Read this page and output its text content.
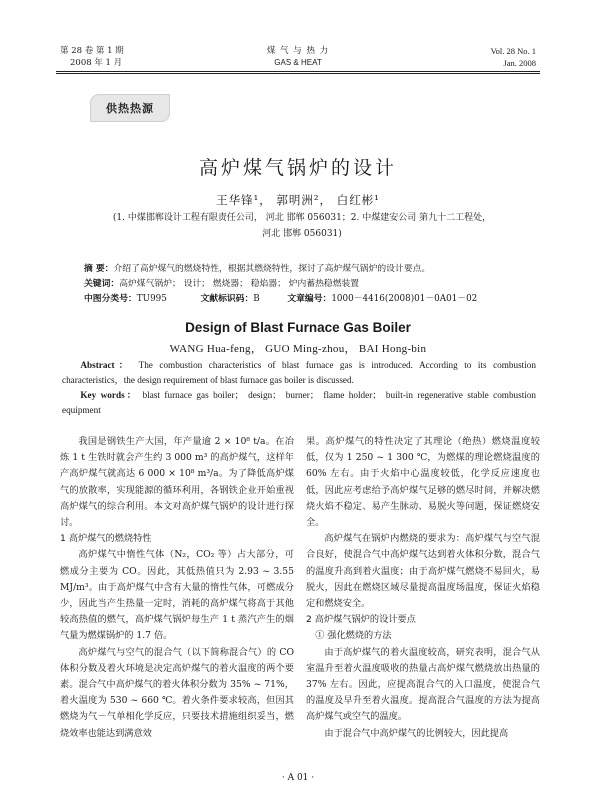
第 28 卷 第 1 期
2008 年 1 月
煤 气 与 热 力
GAS & HEAT
Vol. 28 No. 1
Jan. 2008
供热热源
高炉煤气锅炉的设计
王华锋¹， 郭明洲²， 白红彬¹
(1. 中煤邯郸设计工程有限责任公司， 河北 邯郸 056031；2. 中煤建安公司 第九十二工程处，
河北 邯郸 056031)
摘 要：介绍了高炉煤气的燃烧特性，根据其燃烧特性，探讨了高炉煤气锅炉的设计要点。
关键词：高炉煤气锅炉； 设计； 燃烧器； 稳焰器； 炉内蓄热稳燃装置
中图分类号：TU995	文献标识码：B	文章编号：1000－4416(2008)01－0A01－02
Design of Blast Furnace Gas Boiler
WANG Hua-feng， GUO Ming-zhou， BAI Hong-bin
Abstract： The combustion characteristics of blast furnace gas is introduced. According to its combustion characteristics，the design requirement of blast furnace gas boiler is discussed.
Key words： blast furnace gas boiler； design； burner； flame holder； built-in regenerative stable combustion equipment

我国是钢铁生产大国，年产量逾 2 × 10⁸ t/a。在冶炼 1 t 生铁时就会产生约 3 000 m³ 的高炉煤气，这样年产高炉煤气就高达 6 000 × 10⁸ m³/a。为了降低高炉煤气的放散率，实现能源的循环利用，各钢铁企业开始重视高炉煤气的综合利用。本文对高炉煤气锅炉的设计进行探讨。

1 高炉煤气的燃烧特性

高炉煤气中惰性气体（N₂，CO₂ 等）占大部分，可燃成分主要为 CO。因此，其低热值只为 2.93 ~ 3.55 MJ/m³。由于高炉煤气中含有大量的惰性气体，可燃成分少，因此当产生热量一定时，消耗的高炉煤气将高于其他较高热值的燃气，高炉煤气锅炉每生产 1 t 蒸汽产生的烟气量为燃煤锅炉的 1.7 倍。

高炉煤气与空气的混合气（以下简称混合气）的 CO 体积分数及着火环境是决定高炉煤气的着火温度的两个要素。混合气中高炉煤气的着火体积分数为 35% ~ 71%，着火温度为 530 ~ 660 ℃。着火条件要求较高，但因其燃烧为气－气单相化学反应，只要技术措施组织妥当，燃烧效率也能达到满意效

果。高炉煤气的特性决定了其理论（绝热）燃烧温度较低，仅为 1 250 ~ 1 300 ℃，为燃煤的理论燃烧温度的 60% 左右。由于火焰中心温度较低，化学反应速度也低，因此应考虑给予高炉煤气足够的燃尽时间，并解决燃烧火焰不稳定、易产生脉动、易脱火等问题，保证燃烧安全。

高炉煤气在锅炉内燃烧的要求为：高炉煤气与空气混合良好，使混合气中高炉煤气达到着火体积分数，混合气的温度升高到着火温度；由于高炉煤气燃烧不易回火，易脱火，因此在燃烧区域尽量提高温度场温度，保证火焰稳定和燃烧安全。

2 高炉煤气锅炉的设计要点

① 强化燃烧的方法

由于高炉煤气的着火温度较高，研究表明，混合气从室温升至着火温度吸收的热量占高炉煤气燃烧放出热量的 37% 左右。因此，应提高混合气的入口温度，使混合气的温度及早升至着火温度。提高混合气温度的方法为提高高炉煤气或空气的温度。

由于混合气中高炉煤气的比例较大，因此提高

· A 01 ·
